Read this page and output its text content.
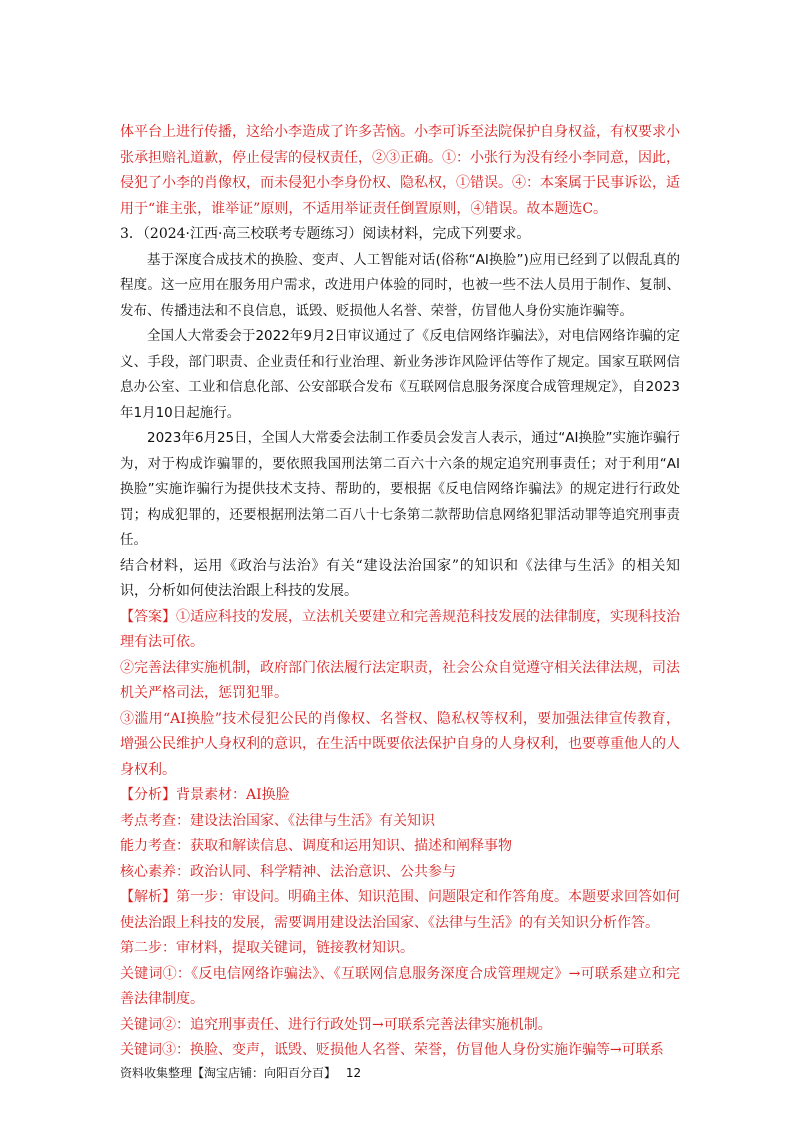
体平台上进行传播，这给小李造成了许多苦恼。小李可诉至法院保护自身权益，有权要求小张承担赔礼道歉，停止侵害的侵权责任，②③正确。①：小张行为没有经小李同意，因此，侵犯了小李的肖像权，而未侵犯小李身份权、隐私权，①错误。④：本案属于民事诉讼，适用于“谁主张，谁举证”原则，不适用举证责任倒置原则，④错误。故本题选C。

3．（2024·江西·高三校联考专题练习）阅读材料，完成下列要求。

基于深度合成技术的换脸、变声、人工智能对话(俗称“AI换脸”)应用已经到了以假乱真的程度。这一应用在服务用户需求，改进用户体验的同时，也被一些不法人员用于制作、复制、发布、传播违法和不良信息，诋毁、贬损他人名誉、荣誉，仿冒他人身份实施诈骗等。

全国人大常委会于2022年9月2日审议通过了《反电信网络诈骗法》，对电信网络诈骗的定义、手段，部门职责、企业责任和行业治理、新业务涉诈风险评估等作了规定。国家互联网信息办公室、工业和信息化部、公安部联合发布《互联网信息服务深度合成管理规定》，自2023年1月10日起施行。

2023年6月25日，全国人大常委会法制工作委员会发言人表示，通过“AI换脸”实施诈骗行为，对于构成诈骗罪的，要依照我国刑法第二百六十六条的规定追究刑事责任；对于利用“AI换脸”实施诈骗行为提供技术支持、帮助的，要根据《反电信网络诈骗法》的规定进行行政处罚；构成犯罪的，还要根据刑法第二百八十七条第二款帮助信息网络犯罪活动罪等追究刑事责任。

结合材料，运用《政治与法治》有关“建设法治国家”的知识和《法律与生活》的相关知识，分析如何使法治跟上科技的发展。

【答案】①适应科技的发展，立法机关要建立和完善规范科技发展的法律制度，实现科技治理有法可依。

②完善法律实施机制，政府部门依法履行法定职责，社会公众自觉遵守相关法律法规，司法机关严格司法，惩罚犯罪。

③滥用“AI换脸”技术侵犯公民的肖像权、名誉权、隐私权等权利，要加强法律宣传教育，增强公民维护人身权利的意识，在生活中既要依法保护自身的人身权利，也要尊重他人的人身权利。

【分析】背景素材：AI换脸

考点考查：建设法治国家、《法律与生活》有关知识

能力考查：获取和解读信息、调度和运用知识、描述和阐释事物

核心素养：政治认同、科学精神、法治意识、公共参与

【解析】第一步：审设问。明确主体、知识范围、问题限定和作答角度。本题要求回答如何使法治跟上科技的发展，需要调用建设法治国家、《法律与生活》的有关知识分析作答。

第二步：审材料，提取关键词，链接教材知识。

关键词①：《反电信网络诈骗法》、《互联网信息服务深度合成管理规定》→可联系建立和完善法律制度。

关键词②：追究刑事责任、进行行政处罚→可联系完善法律实施机制。

关键词③：换脸、变声，诋毁、贬损他人名誉、荣誉，仿冒他人身份实施诈骗等→可联系

资料收集整理【淘宝店铺：向阳百分百】 12
